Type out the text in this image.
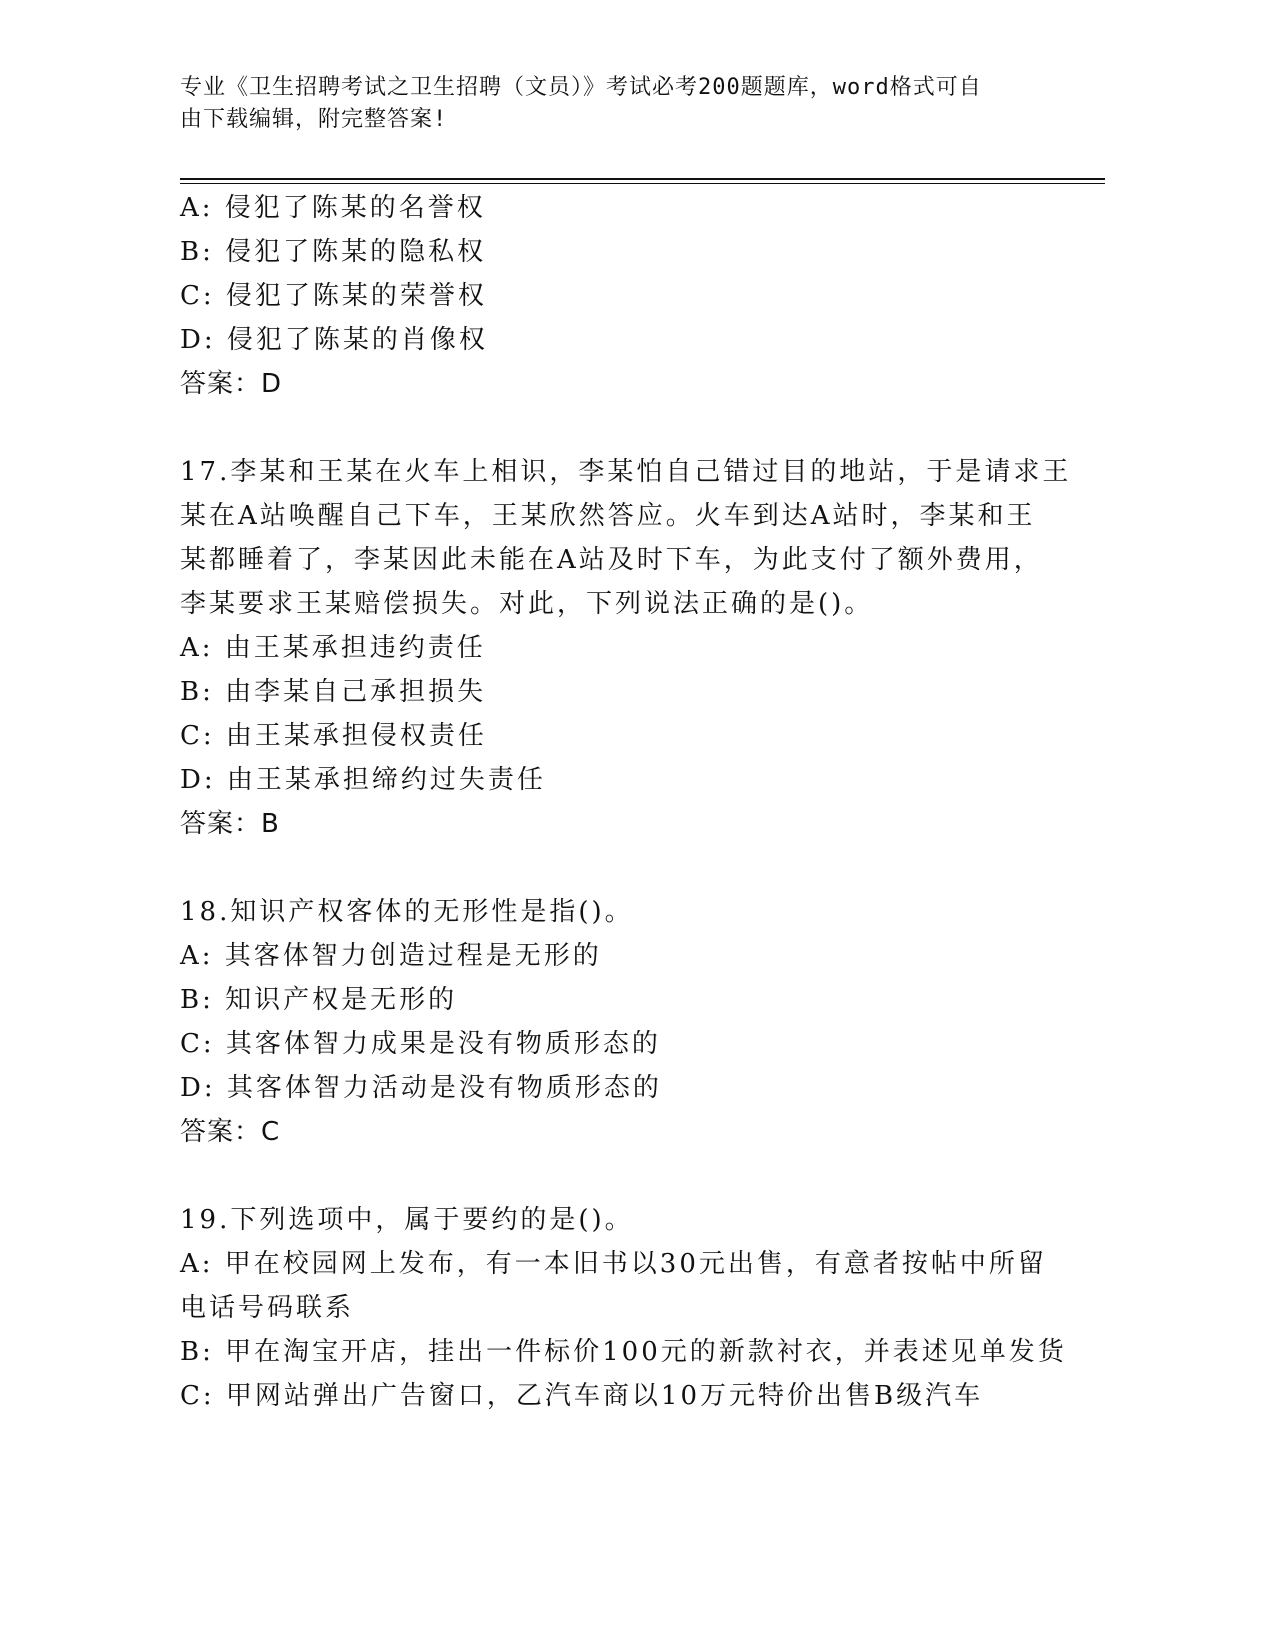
专业《卫生招聘考试之卫生招聘（文员）》考试必考200题题库，word格式可自
由下载编辑，附完整答案!
A: 侵犯了陈某的名誉权
B: 侵犯了陈某的隐私权
C: 侵犯了陈某的荣誉权
D: 侵犯了陈某的肖像权
答案：D
17.李某和王某在火车上相识，李某怕自己错过目的地站，于是请求王
某在A站唤醒自己下车，王某欣然答应。火车到达A站时，李某和王
某都睡着了，李某因此未能在A站及时下车，为此支付了额外费用，
李某要求王某赔偿损失。对此，下列说法正确的是()。
A: 由王某承担违约责任
B: 由李某自己承担损失
C: 由王某承担侵权责任
D: 由王某承担缔约过失责任
答案：B
18.知识产权客体的无形性是指()。
A: 其客体智力创造过程是无形的
B: 知识产权是无形的
C: 其客体智力成果是没有物质形态的
D: 其客体智力活动是没有物质形态的
答案：C
19.下列选项中，属于要约的是()。
A: 甲在校园网上发布，有一本旧书以30元出售，有意者按帖中所留
电话号码联系
B: 甲在淘宝开店，挂出一件标价100元的新款衬衣，并表述见单发货
C: 甲网站弹出广告窗口，乙汽车商以10万元特价出售B级汽车
